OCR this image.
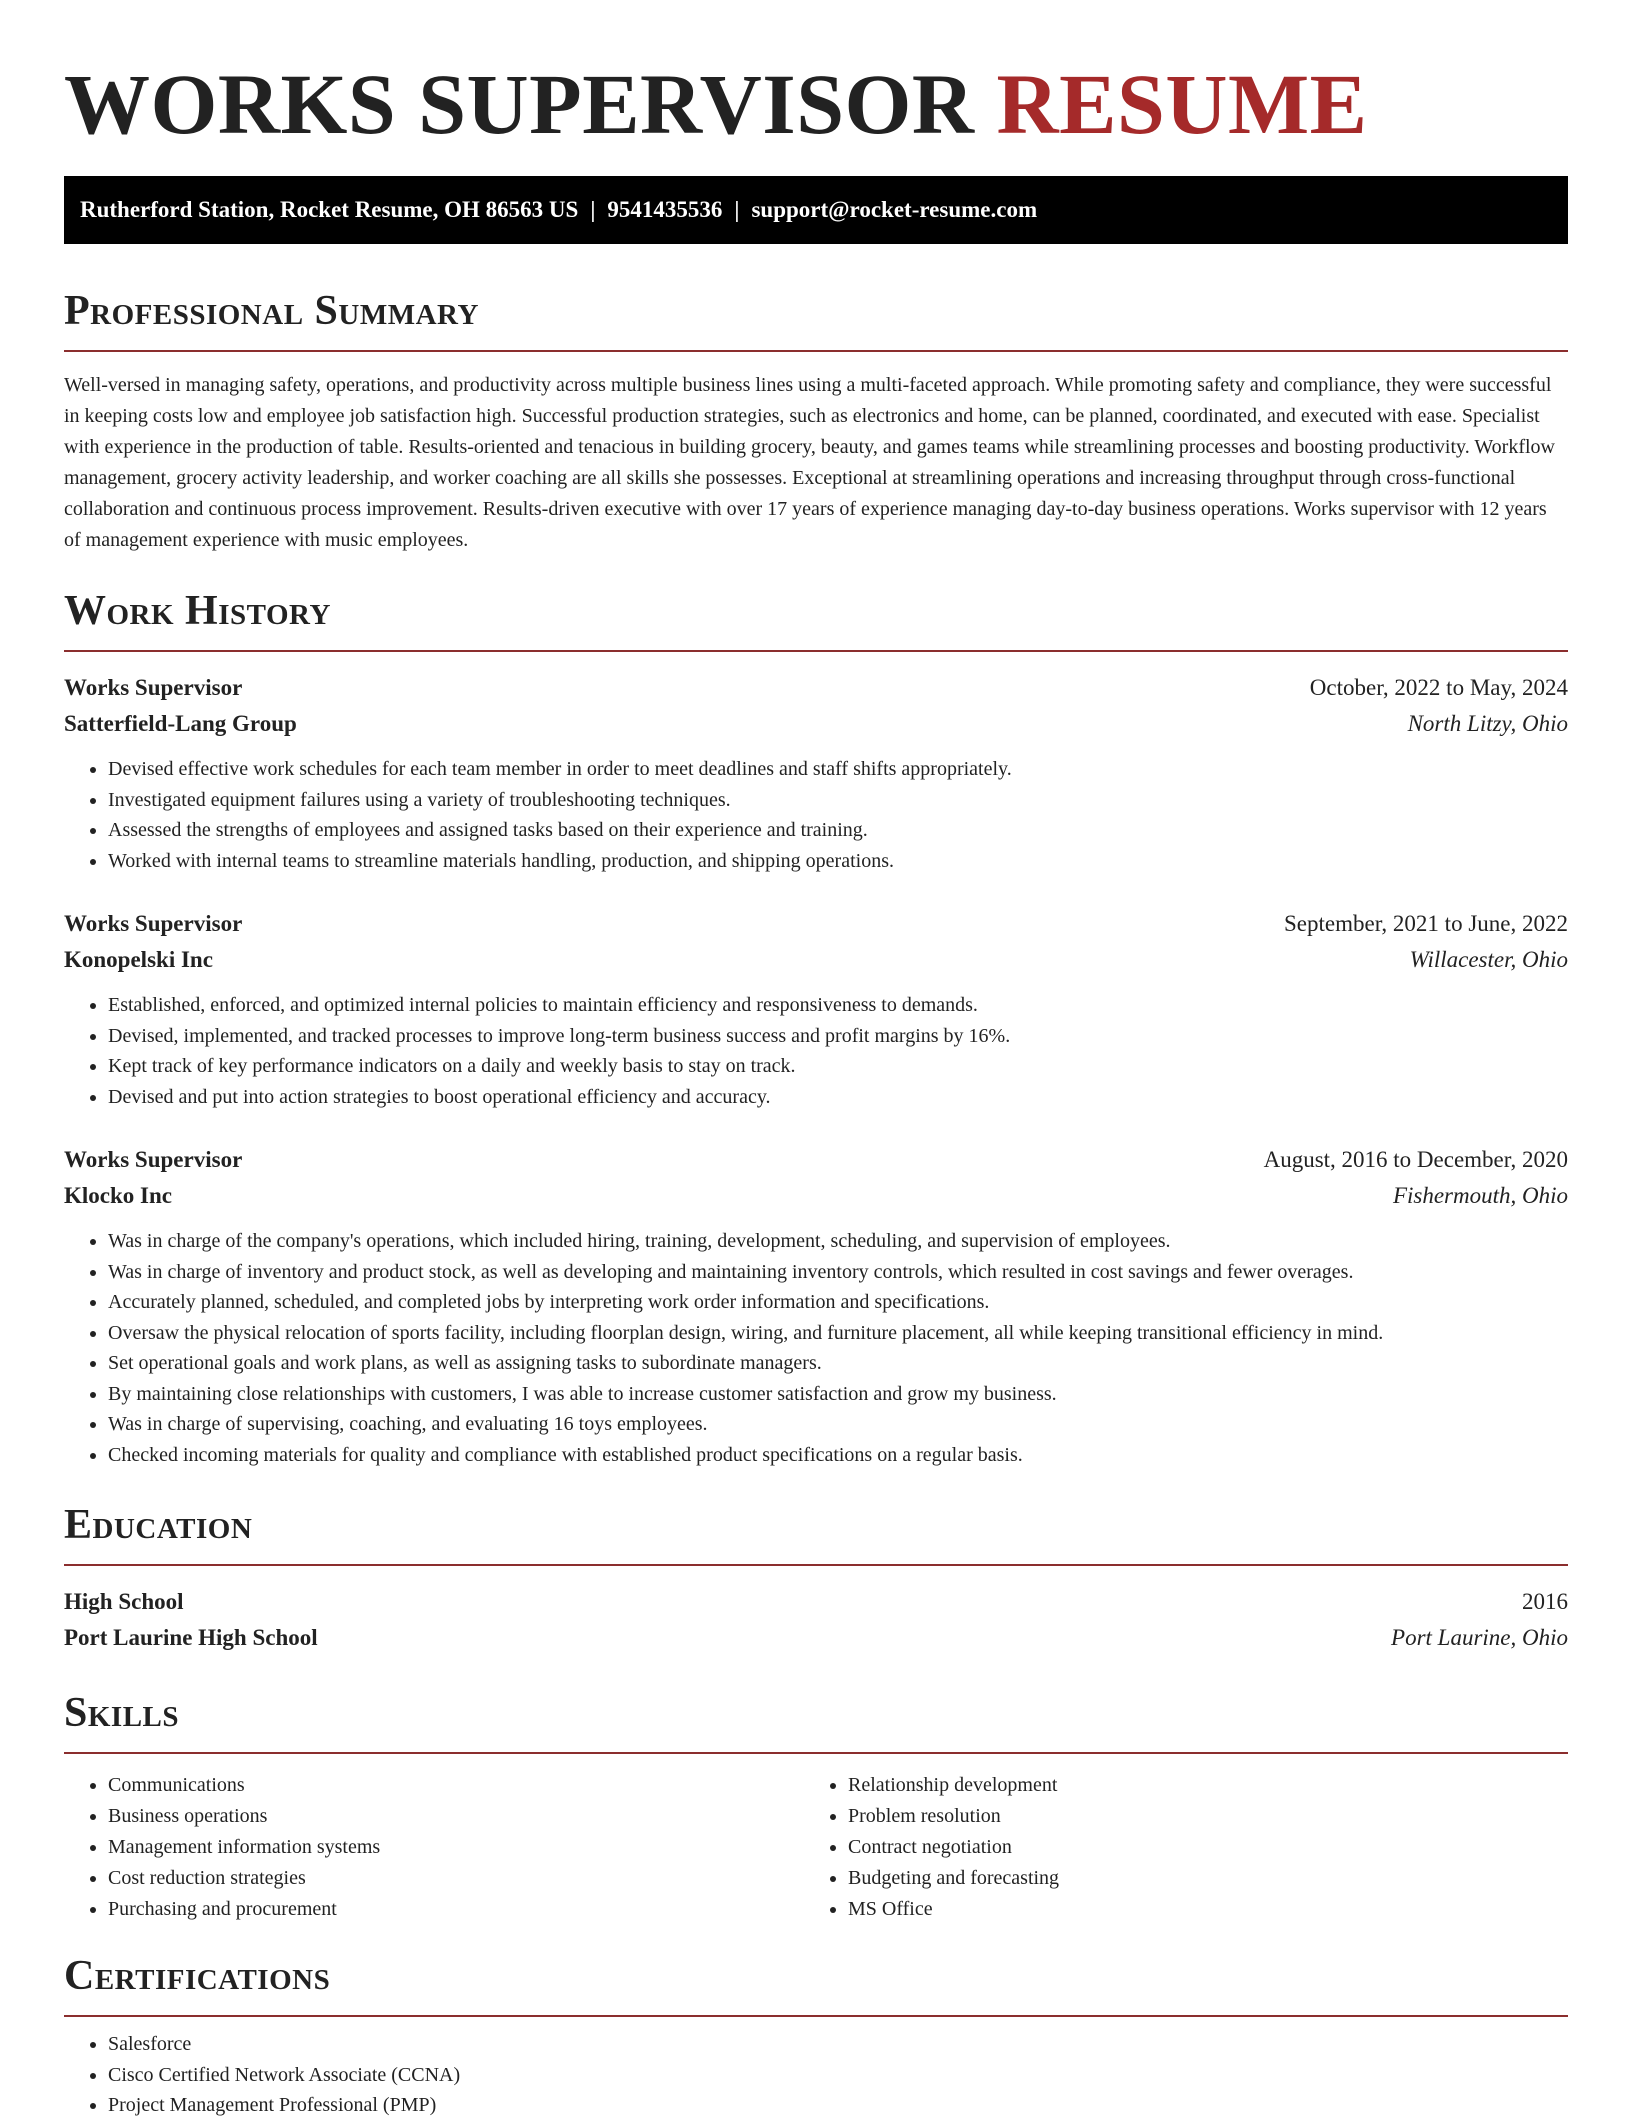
WORKS SUPERVISOR RESUME
Rutherford Station, Rocket Resume, OH 86563 US | 9541435536 | support@rocket-resume.com
Professional Summary

Well-versed in managing safety, operations, and productivity across multiple business lines using a multi-faceted approach. While promoting safety and compliance, they were successful in keeping costs low and employee job satisfaction high. Successful production strategies, such as electronics and home, can be planned, coordinated, and executed with ease. Specialist with experience in the production of table. Results-oriented and tenacious in building grocery, beauty, and games teams while streamlining processes and boosting productivity. Workflow management, grocery activity leadership, and worker coaching are all skills she possesses. Exceptional at streamlining operations and increasing throughput through cross-functional collaboration and continuous process improvement. Results-driven executive with over 17 years of experience managing day-to-day business operations. Works supervisor with 12 years of management experience with music employees.

Work History
Works Supervisor	October, 2022 to May, 2024
Satterfield-Lang Group	North Litzy, Ohio
• Devised effective work schedules for each team member in order to meet deadlines and staff shifts appropriately.
• Investigated equipment failures using a variety of troubleshooting techniques.
• Assessed the strengths of employees and assigned tasks based on their experience and training.
• Worked with internal teams to streamline materials handling, production, and shipping operations.
Works Supervisor	September, 2021 to June, 2022
Konopelski Inc	Willacester, Ohio
• Established, enforced, and optimized internal policies to maintain efficiency and responsiveness to demands.
• Devised, implemented, and tracked processes to improve long-term business success and profit margins by 16%.
• Kept track of key performance indicators on a daily and weekly basis to stay on track.
• Devised and put into action strategies to boost operational efficiency and accuracy.
Works Supervisor	August, 2016 to December, 2020
Klocko Inc	Fishermouth, Ohio
• Was in charge of the company's operations, which included hiring, training, development, scheduling, and supervision of employees.
• Was in charge of inventory and product stock, as well as developing and maintaining inventory controls, which resulted in cost savings and fewer overages.
• Accurately planned, scheduled, and completed jobs by interpreting work order information and specifications.
• Oversaw the physical relocation of sports facility, including floorplan design, wiring, and furniture placement, all while keeping transitional efficiency in mind.
• Set operational goals and work plans, as well as assigning tasks to subordinate managers.
• By maintaining close relationships with customers, I was able to increase customer satisfaction and grow my business.
• Was in charge of supervising, coaching, and evaluating 16 toys employees.
• Checked incoming materials for quality and compliance with established product specifications on a regular basis.
Education
High School	2016
Port Laurine High School	Port Laurine, Ohio
Skills
• Communications
• Business operations
• Management information systems
• Cost reduction strategies
• Purchasing and procurement
• Relationship development
• Problem resolution
• Contract negotiation
• Budgeting and forecasting
• MS Office
Certifications
• Salesforce
• Cisco Certified Network Associate (CCNA)
• Project Management Professional (PMP)
